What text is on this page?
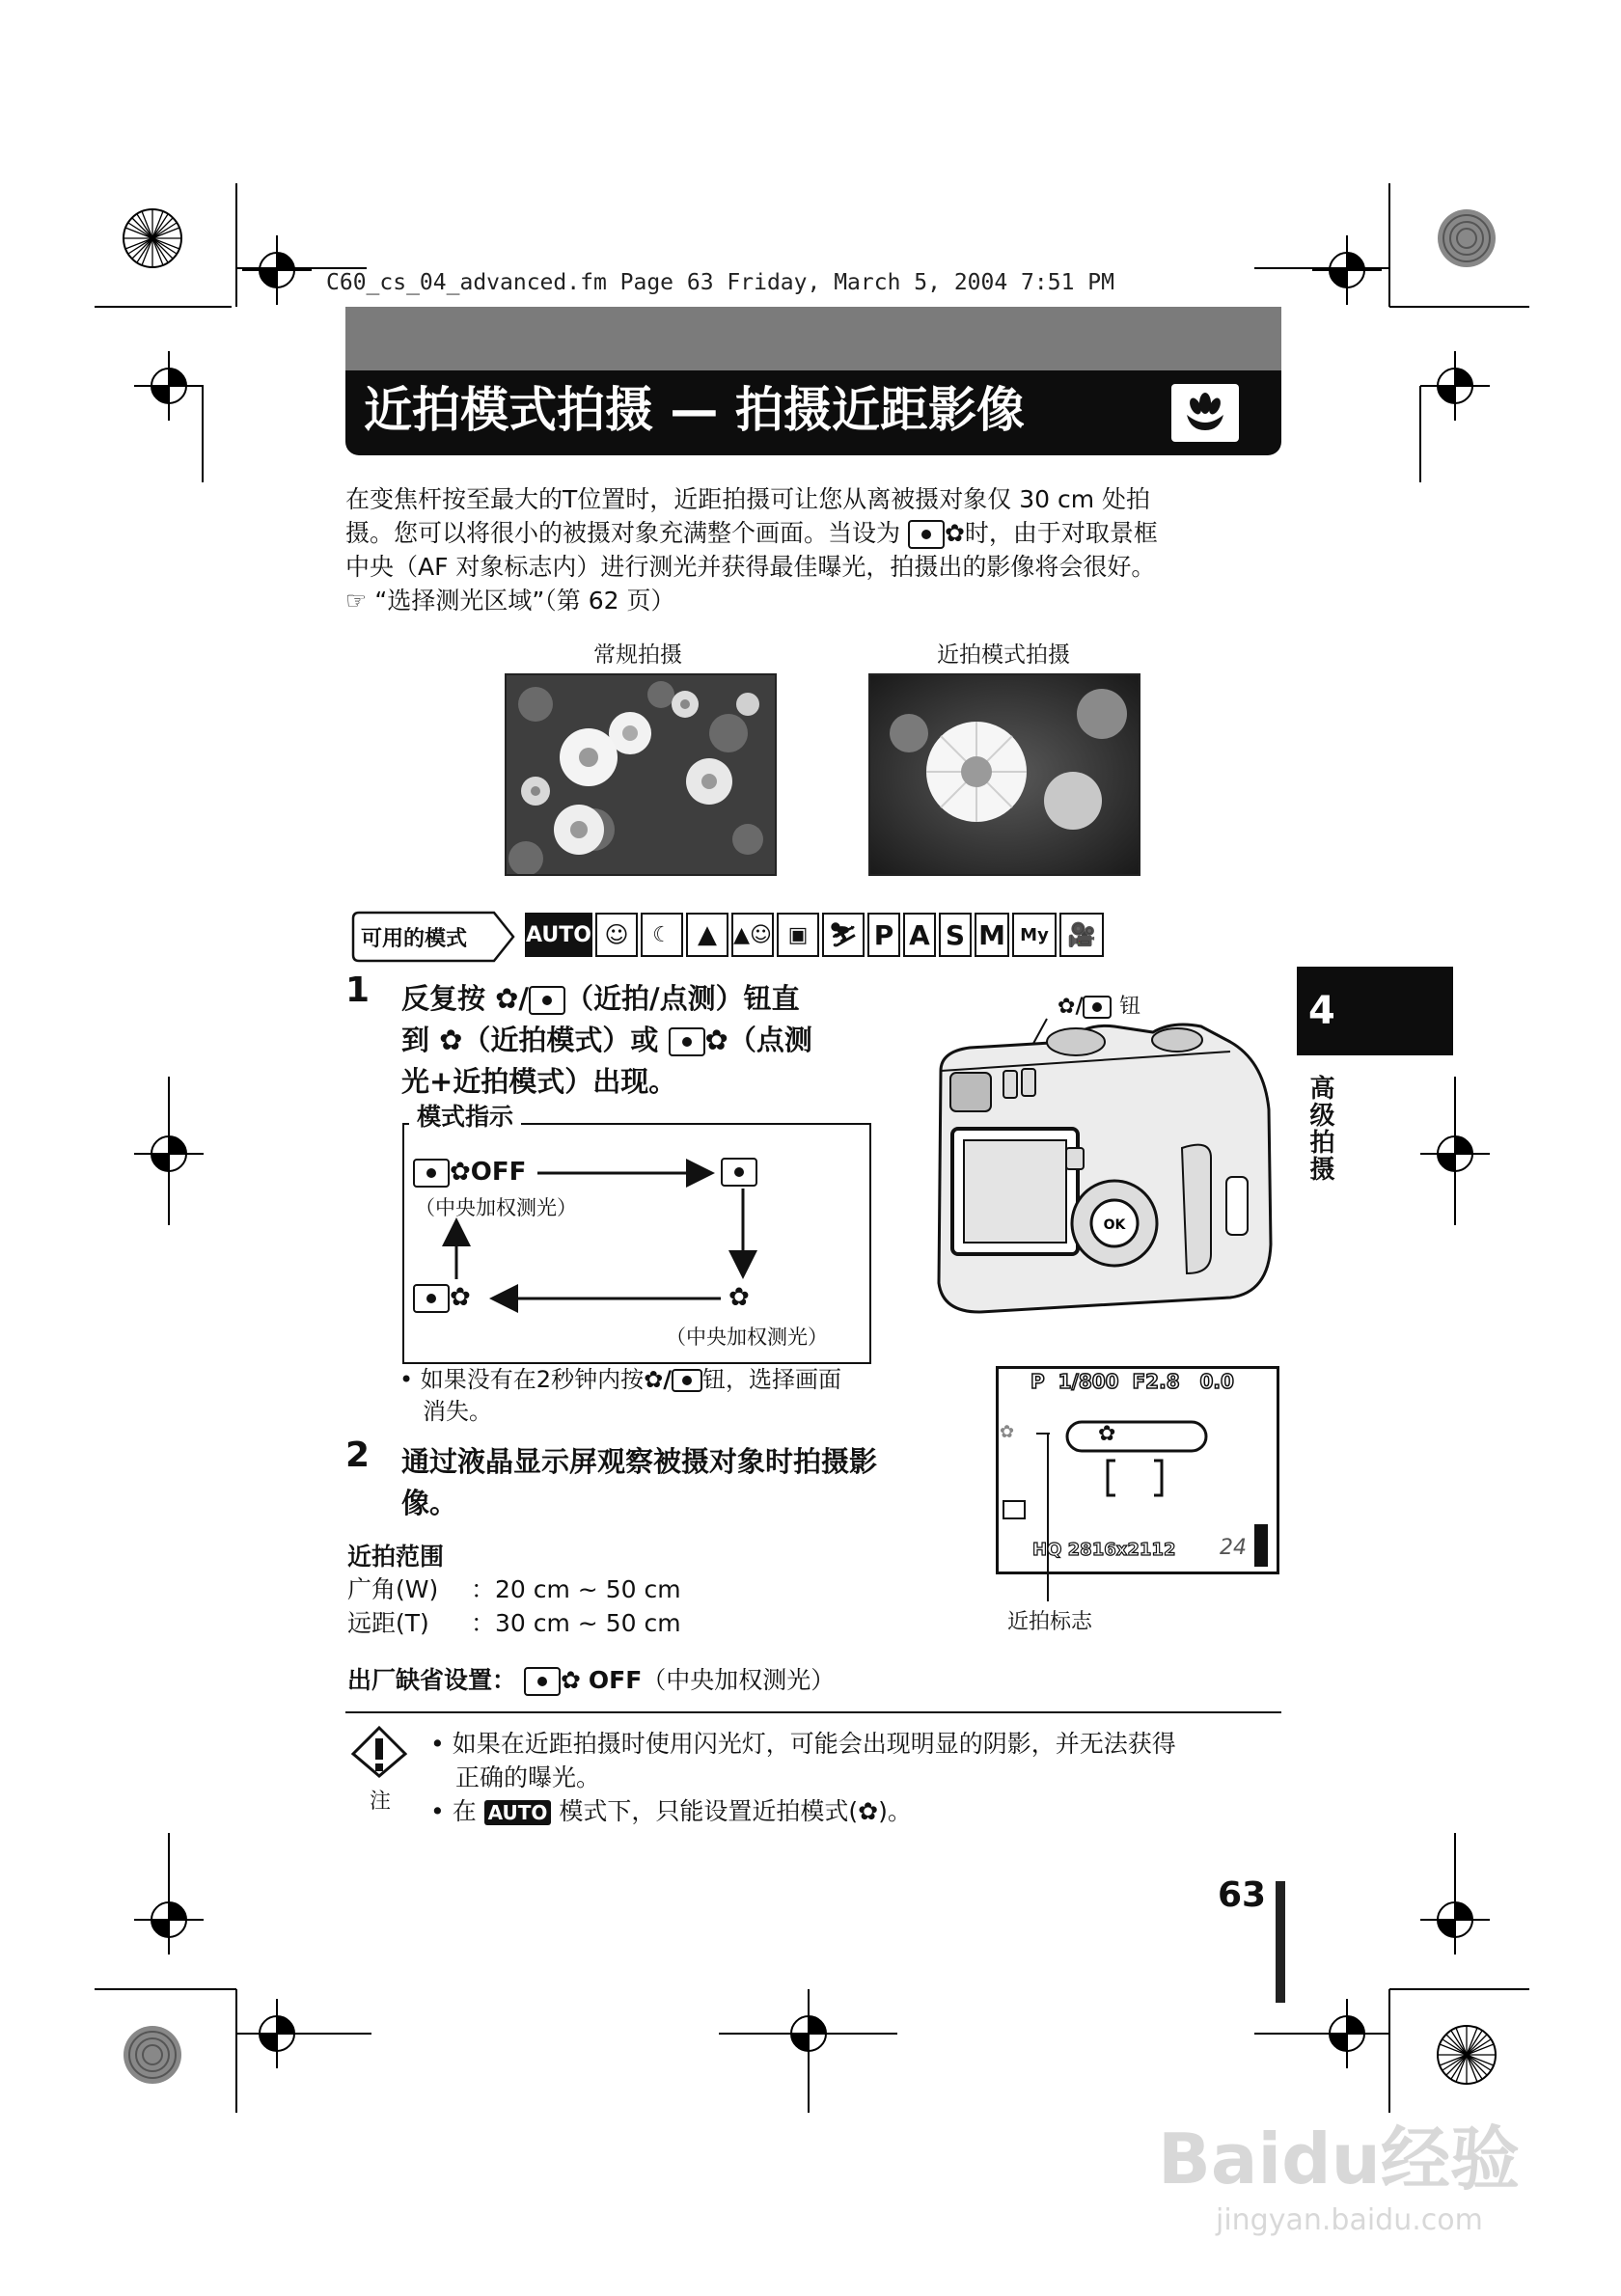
C60_cs_04_advanced.fm Page 63 Friday, March 5, 2004 7:51 PM
近拍模式拍摄 — 拍摄近距影像
在变焦杆按至最大的T位置时，近距拍摄可让您从离被摄对象仅 30 cm 处拍
摄。您可以将很小的被摄对象充满整个画面。当设为 ✿时，由于对取景框
中央（AF 对象标志内）进行测光并获得最佳曝光，拍摄出的影像将会很好。
☞ “选择测光区域”（第 62 页）
常规拍摄	近拍模式拍摄
可用的模式	AUTO ☺	☾	▲ ▲☺ ▣ ⛷ P A S M My 🎥
4
高级拍摄
1 反复按 ✿/ （近拍/点测）钮直
到 ✿（近拍模式）或 ✿（点测
光+近拍模式）出现。
模式指示
✿OFF
（中央加权测光）
✿	✿
（中央加权测光）
• 如果没有在2秒钟内按✿/ 钮，选择画面
消失。
✿/ 钮
OK
2 通过液晶显示屏观察被摄对象时拍摄影
像。
P 1/800 F2.8 0.0
✿	✿
HQ 2816x2112 24
近拍标志
近拍范围
广角(W) ：20 cm ~ 50 cm
远距(T) ：30 cm ~ 50 cm
出厂缺省设置： ✿ OFF（中央加权测光）
注
• 如果在近距拍摄时使用闪光灯，可能会出现明显的阴影，并无法获得
正确的曝光。
• 在 AUTO 模式下，只能设置近拍模式(✿)。
63
Baidu经验
jingyan.baidu.com
